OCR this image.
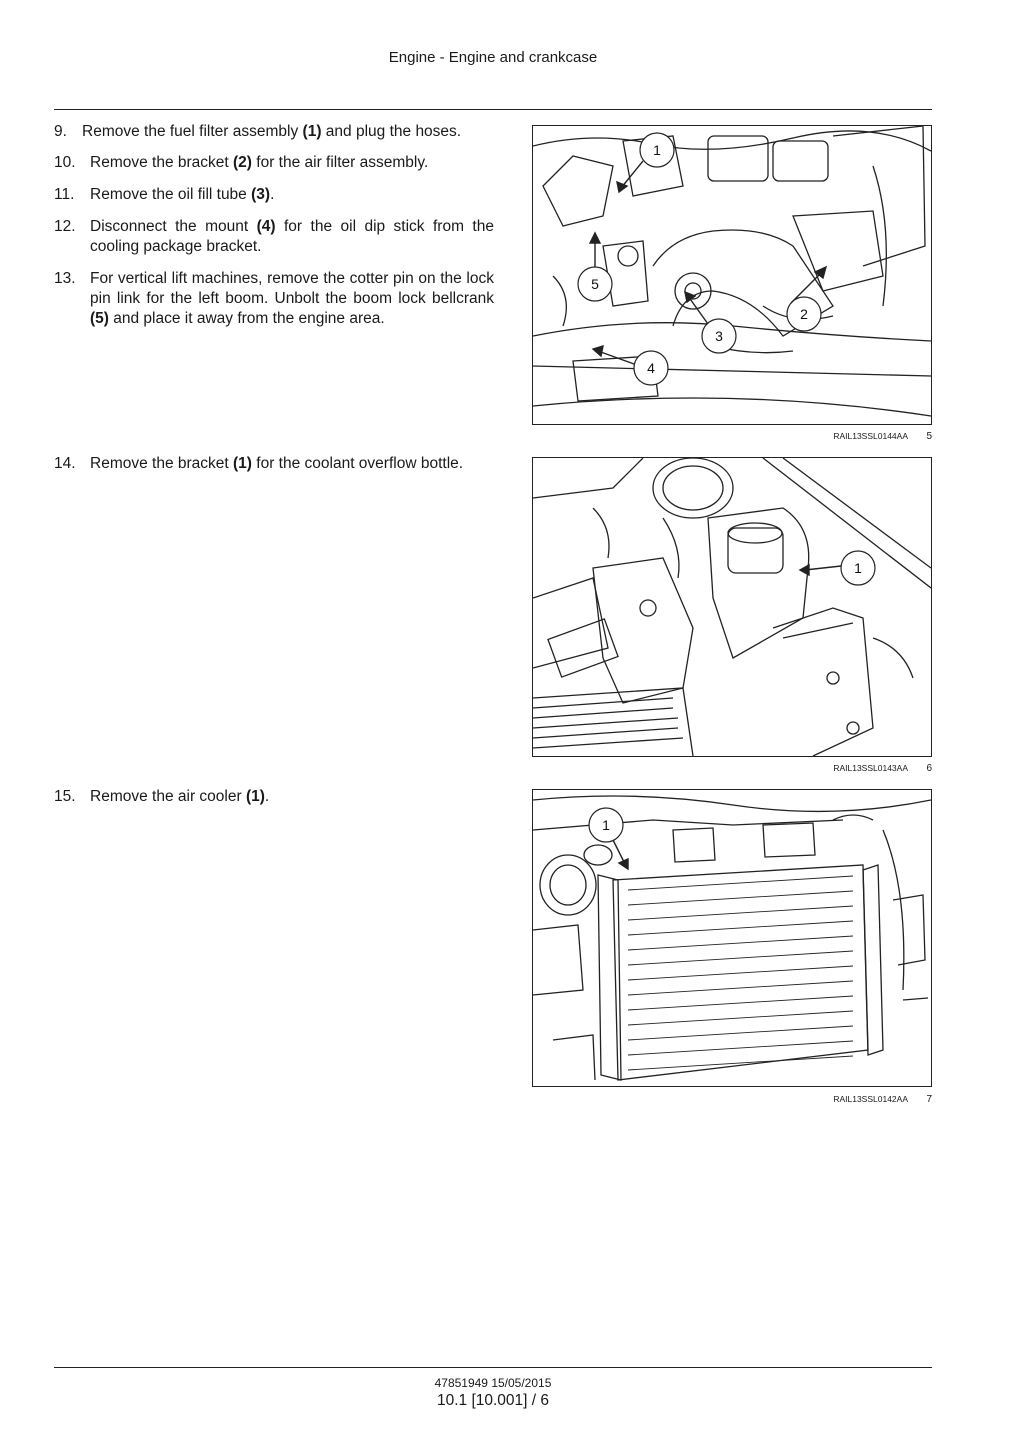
Engine - Engine and crankcase
9. Remove the fuel filter assembly (1) and plug the hoses.
10. Remove the bracket (2) for the air filter assembly.
11. Remove the oil fill tube (3).
12. Disconnect the mount (4) for the oil dip stick from the cooling package bracket.
13. For vertical lift machines, remove the cotter pin on the lock pin link for the left boom. Unbolt the boom lock bellcrank (5) and place it away from the engine area.
14. Remove the bracket (1) for the coolant overflow bottle.
15. Remove the air cooler (1).
1
2
3
4
5
RAIL13SSL0144AA 5
1
RAIL13SSL0143AA 6
1
RAIL13SSL0142AA 7
47851949 15/05/2015
10.1 [10.001] / 6
